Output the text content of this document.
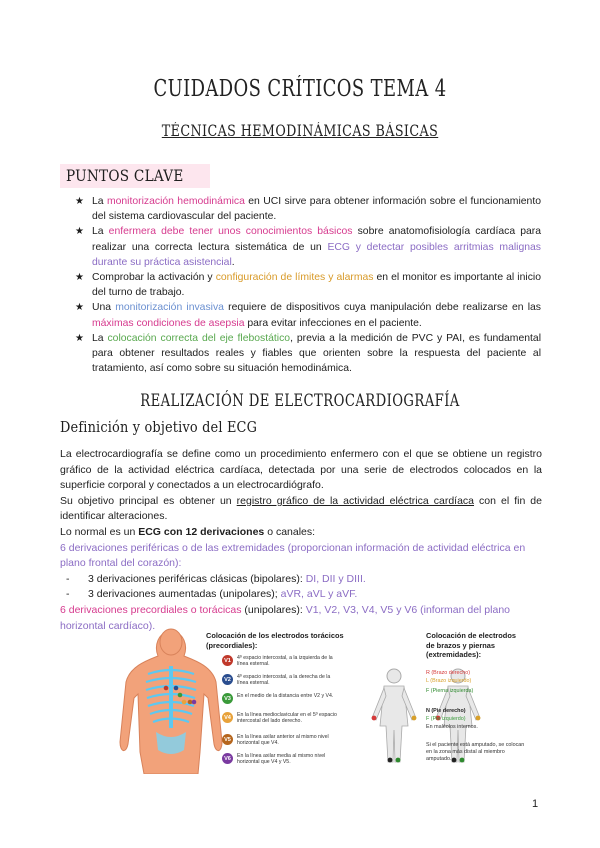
CUIDADOS CRÍTICOS TEMA 4
TÉCNICAS HEMODINÁMICAS BÁSICAS
PUNTOS CLAVE
★ La monitorización hemodinámica en UCI sirve para obtener información sobre el funcionamiento del sistema cardiovascular del paciente.
★ La enfermera debe tener unos conocimientos básicos sobre anatomofisiología cardíaca para realizar una correcta lectura sistemática de un ECG y detectar posibles arritmias malignas durante su práctica asistencial.
★ Comprobar la activación y configuración de límites y alarmas en el monitor es importante al inicio del turno de trabajo.
★ Una monitorización invasiva requiere de dispositivos cuya manipulación debe realizarse en las máximas condiciones de asepsia para evitar infecciones en el paciente.
★ La colocación correcta del eje flebostático, previa a la medición de PVC y PAI, es fundamental para obtener resultados reales y fiables que orienten sobre la respuesta del paciente al tratamiento, así como sobre su situación hemodinámica.
REALIZACIÓN DE ELECTROCARDIOGRAFÍA
Definición y objetivo del ECG

La electrocardiografía se define como un procedimiento enfermero con el que se obtiene un registro gráfico de la actividad eléctrica cardíaca, detectada por una serie de electrodos colocados en la superficie corporal y conectados a un electrocardiógrafo.

Su objetivo principal es obtener un registro gráfico de la actividad eléctrica cardíaca con el fin de identificar alteraciones.

Lo normal es un ECG con 12 derivaciones o canales:

6 derivaciones periféricas o de las extremidades (proporcionan información de actividad eléctrica en plano frontal del corazón):

- 3 derivaciones periféricas clásicas (bipolares): DI, DII y DIII.

- 3 derivaciones aumentadas (unipolares); aVR, aVL y aVF.

6 derivaciones precordiales o torácicas (unipolares): V1, V2, V3, V4, V5 y V6 (informan del plano horizontal cardíaco).

Colocación de los electrodos torácicos (precordiales):
Colocación de electrodos de brazos y piernas (extremidades):
V1	4º espacio intercostal, a la izquierda de la línea esternal.
V2	4º espacio intercostal, a la derecha de la línea esternal.
V3	En el medio de la distancia entre V2 y V4.
V4	En la línea medioclavicular en el 5º espacio intercostal del lado derecho.
V5	En la línea axilar anterior al mismo nivel horizontal que V4.
V6	En la línea axilar media al mismo nivel horizontal que V4 y V5.
R (Brazo derecho)
L (Brazo izquierdo)
F (Pierna izquierda)
N (Pie derecho)
F (Pie izquierdo)
En maléolos internos.
Si el paciente está amputado, se colocan en la zona más distal al miembro amputado.
1
